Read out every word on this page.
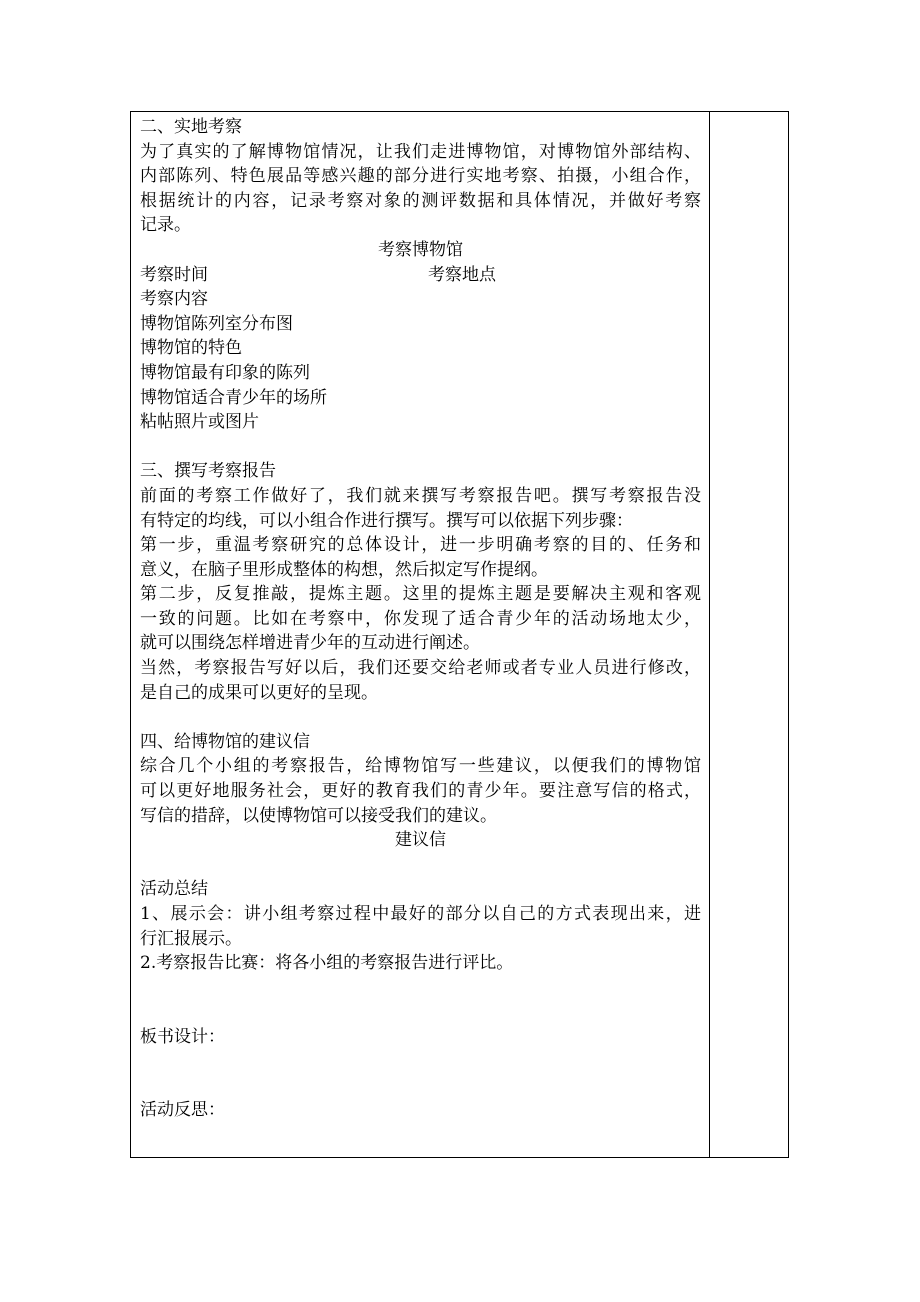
二、实地考察
为了真实的了解博物馆情况，让我们走进博物馆，对博物馆外部结构、
内部陈列、特色展品等感兴趣的部分进行实地考察、拍摄，小组合作，
根据统计的内容，记录考察对象的测评数据和具体情况，并做好考察
记录。
考察博物馆
考察时间	考察地点
考察内容
博物馆陈列室分布图
博物馆的特色
博物馆最有印象的陈列
博物馆适合青少年的场所
粘帖照片或图片
三、撰写考察报告
前面的考察工作做好了，我们就来撰写考察报告吧。撰写考察报告没
有特定的均线，可以小组合作进行撰写。撰写可以依据下列步骤：
第一步，重温考察研究的总体设计，进一步明确考察的目的、任务和
意义，在脑子里形成整体的构想，然后拟定写作提纲。
第二步，反复推敲，提炼主题。这里的提炼主题是要解决主观和客观
一致的问题。比如在考察中，你发现了适合青少年的活动场地太少，
就可以围绕怎样增进青少年的互动进行阐述。
当然，考察报告写好以后，我们还要交给老师或者专业人员进行修改，
是自己的成果可以更好的呈现。
四、给博物馆的建议信
综合几个小组的考察报告，给博物馆写一些建议，以便我们的博物馆
可以更好地服务社会，更好的教育我们的青少年。要注意写信的格式，
写信的措辞，以使博物馆可以接受我们的建议。
建议信
活动总结
1、展示会：讲小组考察过程中最好的部分以自己的方式表现出来，进
行汇报展示。
2.考察报告比赛：将各小组的考察报告进行评比。
板书设计：
活动反思：
